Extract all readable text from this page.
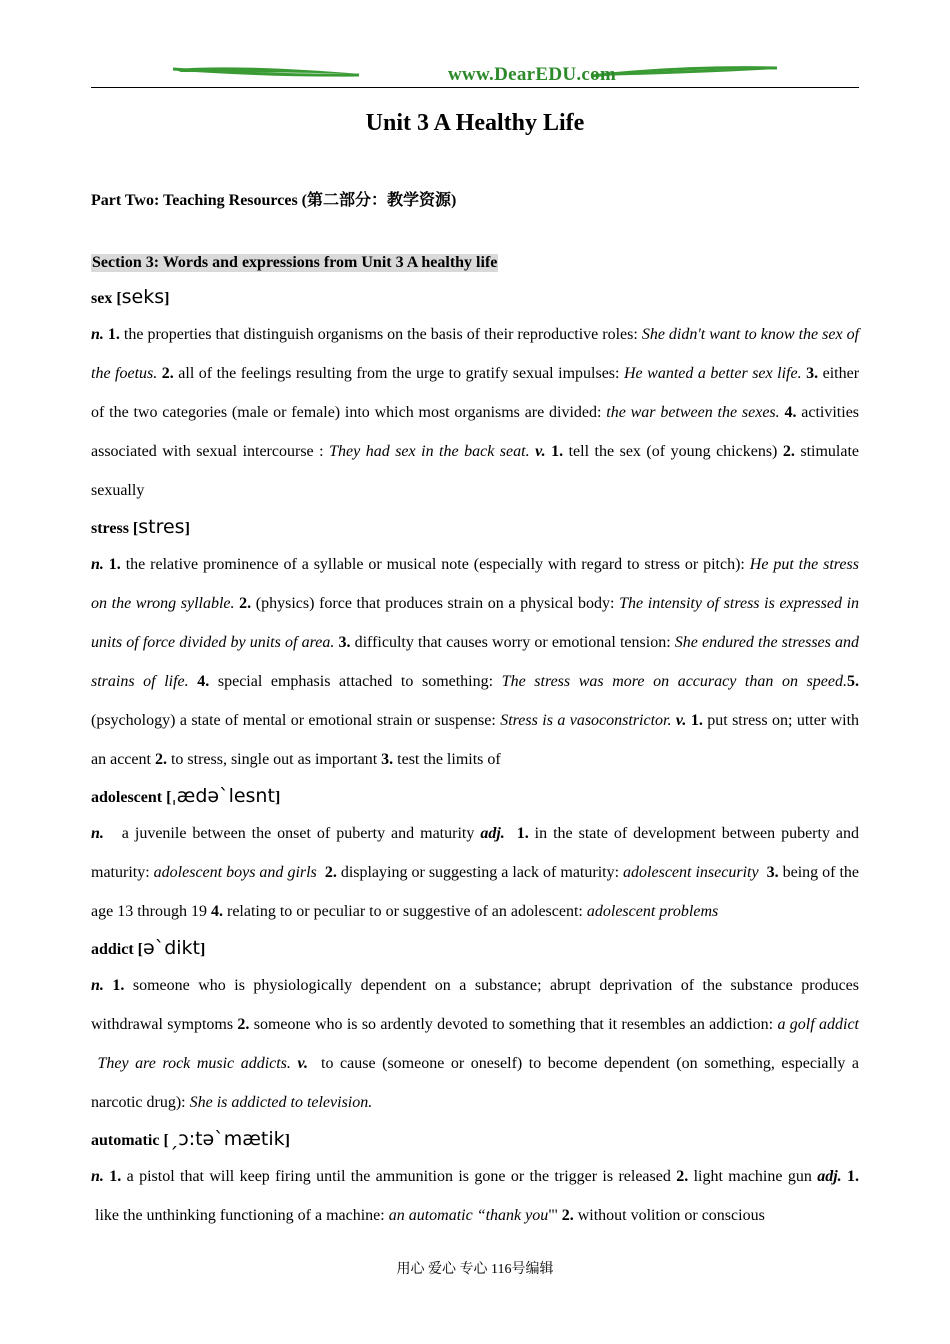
www.DearEDU.com
Unit 3 A Healthy Life
Part Two: Teaching Resources (第二部分：教学资源)
Section 3: Words and expressions from Unit 3 A healthy life
sex [seks]

n. 1. the properties that distinguish organisms on the basis of their reproductive roles: She didn't want to know the sex of the foetus. 2. all of the feelings resulting from the urge to gratify sexual impulses: He wanted a better sex life. 3. either of the two categories (male or female) into which most organisms are divided: the war between the sexes. 4. activities associated with sexual intercourse : They had sex in the back seat. v. 1. tell the sex (of young chickens) 2. stimulate sexually

stress [stres]

n. 1. the relative prominence of a syllable or musical note (especially with regard to stress or pitch): He put the stress on the wrong syllable. 2. (physics) force that produces strain on a physical body: The intensity of stress is expressed in units of force divided by units of area. 3. difficulty that causes worry or emotional tension: She endured the stresses and strains of life. 4. special emphasis attached to something: The stress was more on accuracy than on speed.5. (psychology) a state of mental or emotional strain or suspense: Stress is a vasoconstrictor. v. 1. put stress on; utter with an accent 2. to stress, single out as important 3. test the limits of

adolescent [ˌædəˋlesnt]

n.   a juvenile between the onset of puberty and maturity adj. 1. in the state of development between puberty and maturity: adolescent boys and girls 2. displaying or suggesting a lack of maturity: adolescent insecurity 3. being of the age 13 through 19 4. relating to or peculiar to or suggestive of an adolescent: adolescent problems

addict [əˋdikt]

n. 1. someone who is physiologically dependent on a substance; abrupt deprivation of the substance produces withdrawal symptoms 2. someone who is so ardently devoted to something that it resembles an addiction: a golf addict  They are rock music addicts. v.  to cause (someone or oneself) to become dependent (on something, especially a narcotic drug): She is addicted to television.

automatic [ˏɔ:təˋmætik]

n. 1. a pistol that will keep firing until the ammunition is gone or the trigger is released 2. light machine gun adj. 1.  like the unthinking functioning of a machine: an automatic “thank you"' 2. without volition or conscious

用心 爱心 专心 116号编辑
